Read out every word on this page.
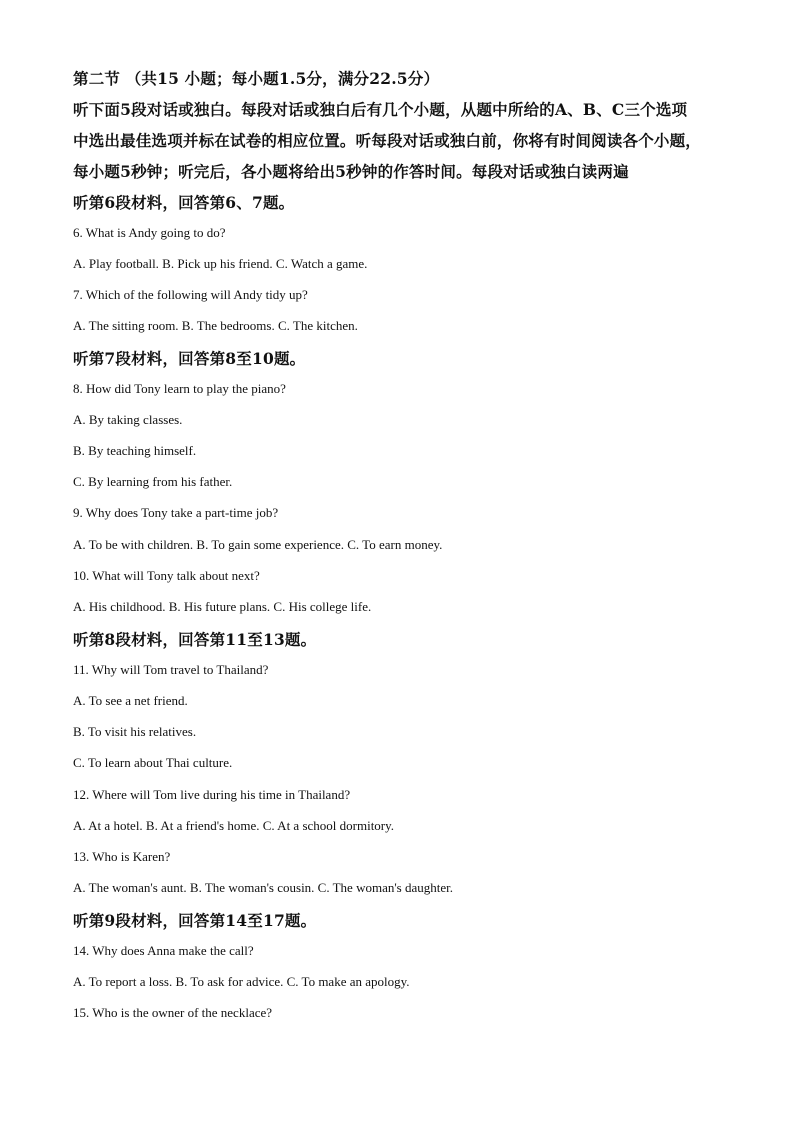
第二节 （共15 小题；每小题1.5分，满分22.5分）
听下面5段对话或独白。每段对话或独白后有几个小题，从题中所给的A、B、C三个选项
中选出最佳选项并标在试卷的相应位置。听每段对话或独白前，你将有时间阅读各个小题，
每小题5秒钟；听完后，各小题将给出5秒钟的作答时间。每段对话或独白读两遍
听第6段材料，回答第6、7题。
6. What is Andy going to do?
A. Play football. B. Pick up his friend. C. Watch a game.
7. Which of the following will Andy tidy up?
A. The sitting room. B. The bedrooms. C. The kitchen.
听第7段材料，回答第8至10题。
8. How did Tony learn to play the piano?
A. By taking classes.
B. By teaching himself.
C. By learning from his father.
9. Why does Tony take a part-time job?
A. To be with children. B. To gain some experience. C. To earn money.
10. What will Tony talk about next?
A. His childhood. B. His future plans. C. His college life.
听第8段材料，回答第11至13题。
11. Why will Tom travel to Thailand?
A. To see a net friend.
B. To visit his relatives.
C. To learn about Thai culture.
12. Where will Tom live during his time in Thailand?
A. At a hotel. B. At a friend's home. C. At a school dormitory.
13. Who is Karen?
A. The woman's aunt. B. The woman's cousin. C. The woman's daughter.
听第9段材料，回答第14至17题。
14. Why does Anna make the call?
A. To report a loss. B. To ask for advice. C. To make an apology.
15. Who is the owner of the necklace?
